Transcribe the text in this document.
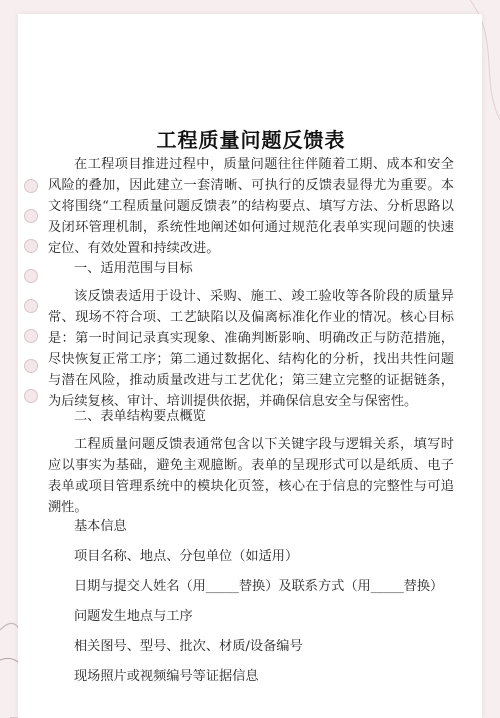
工程质量问题反馈表

在工程项目推进过程中，质量问题往往伴随着工期、成本和安全风险的叠加，因此建立一套清晰、可执行的反馈表显得尤为重要。本文将围绕“工程质量问题反馈表”的结构要点、填写方法、分析思路以及闭环管理机制，系统性地阐述如何通过规范化表单实现问题的快速定位、有效处置和持续改进。

一、适用范围与目标

该反馈表适用于设计、采购、施工、竣工验收等各阶段的质量异常、现场不符合项、工艺缺陷以及偏离标准化作业的情况。核心目标是：第一时间记录真实现象、准确判断影响、明确改正与防范措施，尽快恢复正常工序；第二通过数据化、结构化的分析，找出共性问题与潜在风险，推动质量改进与工艺优化；第三建立完整的证据链条，为后续复核、审计、培训提供依据，并确保信息安全与保密性。

二、表单结构要点概览

工程质量问题反馈表通常包含以下关键字段与逻辑关系，填写时应以事实为基础，避免主观臆断。表单的呈现形式可以是纸质、电子表单或项目管理系统中的模块化页签，核心在于信息的完整性与可追溯性。

基本信息

项目名称、地点、分包单位（如适用）

日期与提交人姓名（用_____替换）及联系方式（用_____替换）

问题发生地点与工序

相关图号、型号、批次、材质/设备编号

现场照片或视频编号等证据信息
